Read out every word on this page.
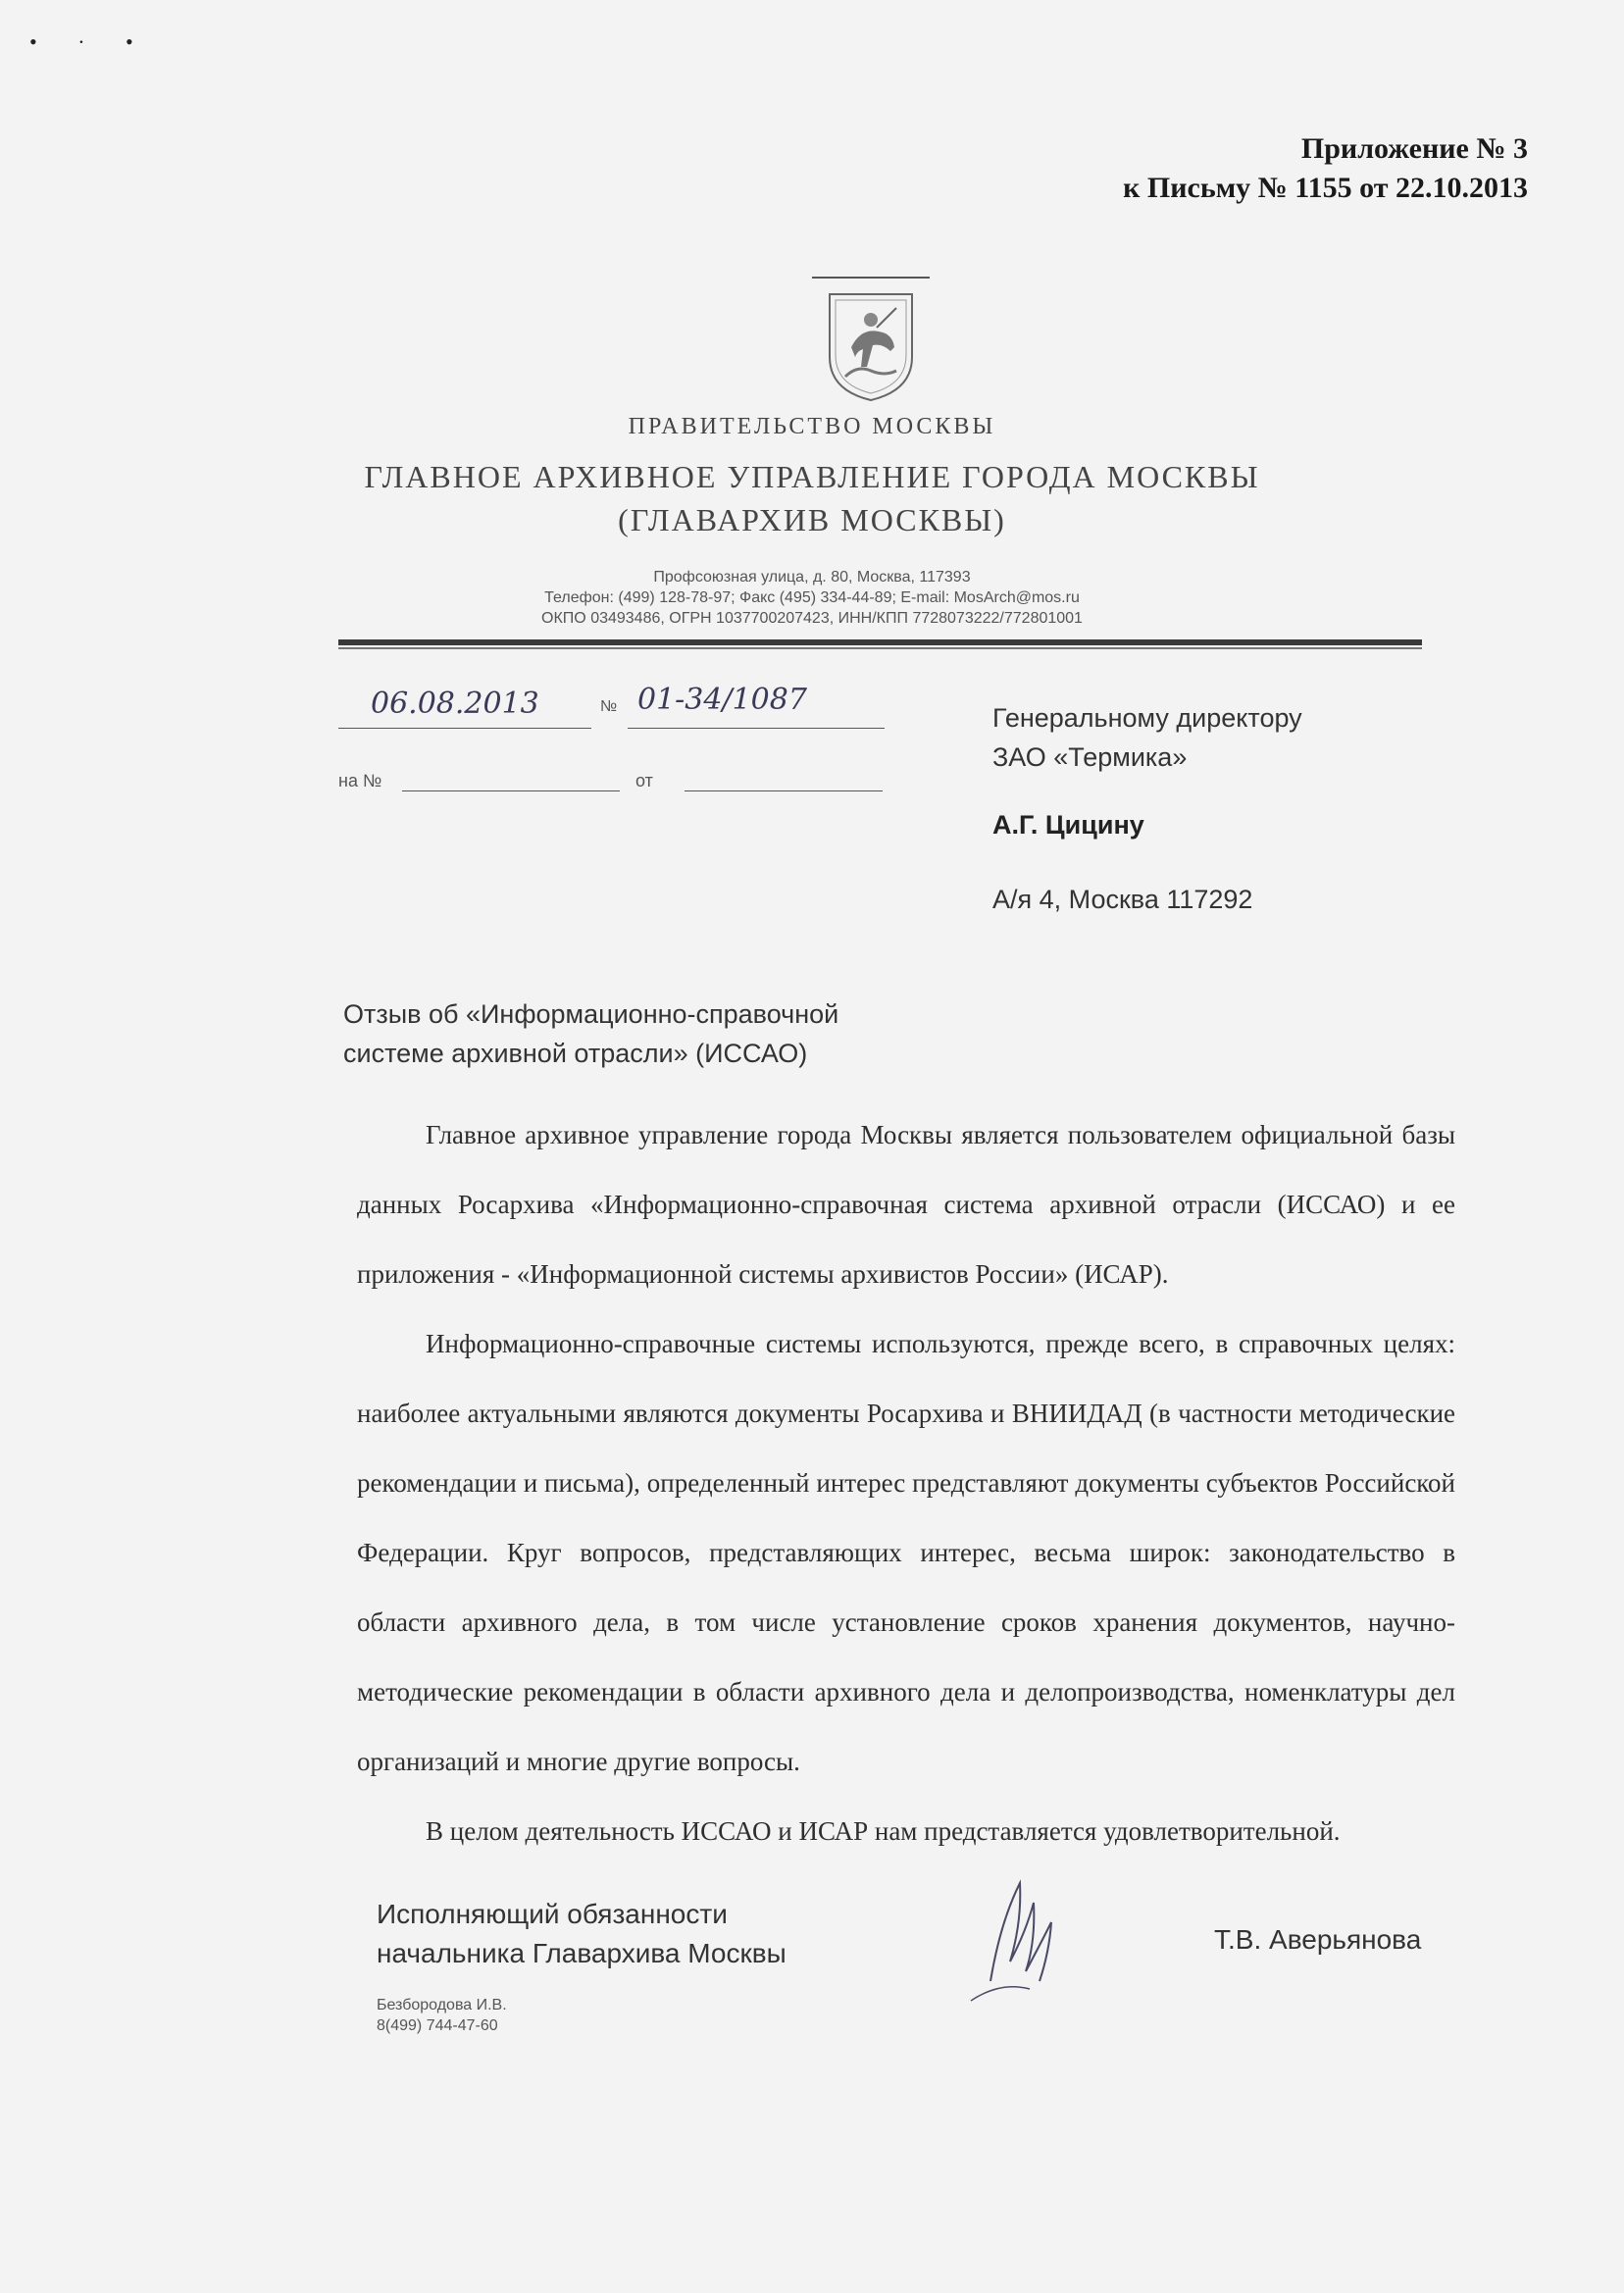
• · •
Приложение № 3
к Письму № 1155 от 22.10.2013
ПРАВИТЕЛЬСТВО МОСКВЫ
ГЛАВНОЕ АРХИВНОЕ УПРАВЛЕНИЕ ГОРОДА МОСКВЫ
(ГЛАВАРХИВ МОСКВЫ)
Профсоюзная улица, д. 80, Москва, 117393
Телефон: (499) 128-78-97; Факс (495) 334-44-89; E-mail: MosArch@mos.ru
ОКПО 03493486, ОГРН 1037700207423, ИНН/КПП 7728073222/772801001
06.08.2013	№ 01-34/1087
на №	от
Генеральному директору
ЗАО «Термика»
А.Г. Цицину
А/я 4, Москва 117292
Отзыв об «Информационно-справочной
системе архивной отрасли» (ИССАО)

Главное архивное управление города Москвы является пользователем официальной базы данных Росархива «Информационно-справочная система архивной отрасли (ИССАО) и ее приложения - «Информационной системы архивистов России» (ИСАР).

Информационно-справочные системы используются, прежде всего, в справочных целях: наиболее актуальными являются документы Росархива и ВНИИДАД (в частности методические рекомендации и письма), определенный интерес представляют документы субъектов Российской Федерации. Круг вопросов, представляющих интерес, весьма широк: законодательство в области архивного дела, в том числе установление сроков хранения документов, научно-методические рекомендации в области архивного дела и делопроизводства, номенклатуры дел организаций и многие другие вопросы.

В целом деятельность ИССАО и ИСАР нам представляется удовлетворительной.

Исполняющий обязанности
начальника Главархива Москвы	Т.В. Аверьянова
Безбородова И.В.
8(499) 744-47-60
